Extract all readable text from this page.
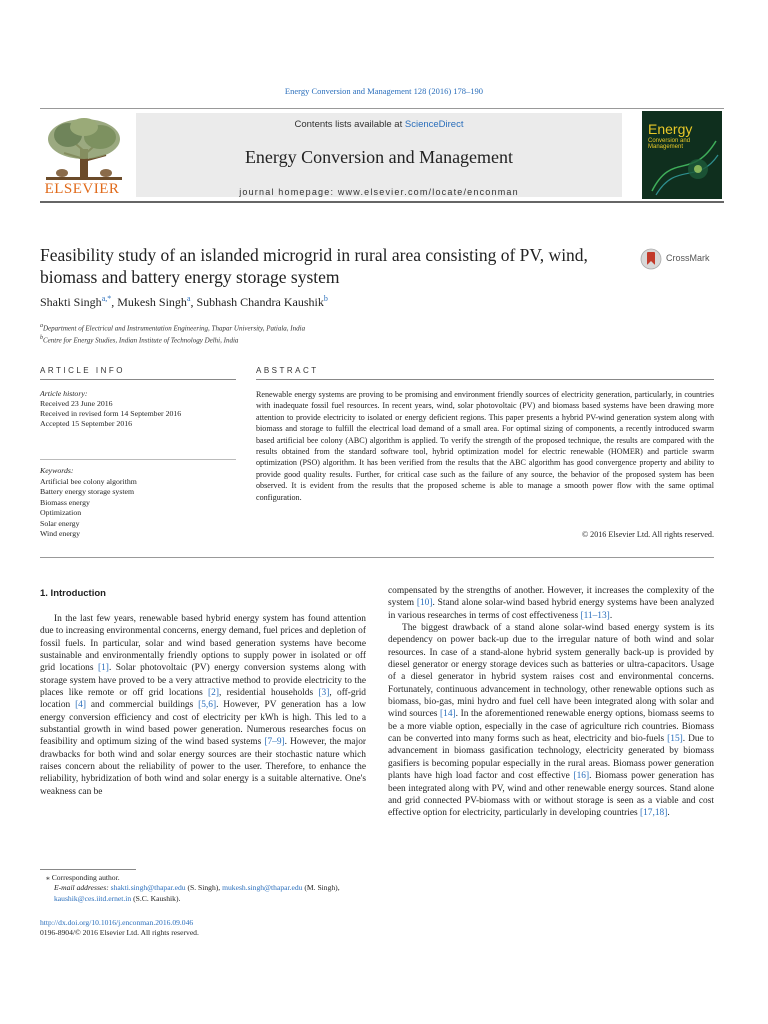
Energy Conversion and Management 128 (2016) 178–190
ELSEVIER
Contents lists available at ScienceDirect
Energy Conversion and Management
journal homepage: www.elsevier.com/locate/enconman
Energy
Conversion and Management
Feasibility study of an islanded microgrid in rural area consisting of PV, wind, biomass and battery energy storage system
CrossMark
Shakti Singh$^{a,*}$, Mukesh Singh$^a$, Subhash Chandra Kaushik$^b$
$^a$Department of Electrical and Instrumentation Engineering, Thapar University, Patiala, India
$^b$Centre for Energy Studies, Indian Institute of Technology Delhi, India
ARTICLE INFO	ABSTRACT
Article history:
Received 23 June 2016
Received in revised form 14 September 2016
Accepted 15 September 2016
Keywords:
Artificial bee colony algorithm
Battery energy storage system
Biomass energy
Optimization
Solar energy
Wind energy
Renewable energy systems are proving to be promising and environment friendly sources of electricity generation, particularly, in countries with inadequate fossil fuel resources. In recent years, wind, solar photovoltaic (PV) and biomass based systems have been drawing more attention to provide electricity to isolated or energy deficient regions. This paper presents a hybrid PV-wind generation system along with biomass and storage to fulfill the electrical load demand of a small area. For optimal sizing of components, a recently introduced swarm based artificial bee colony (ABC) algorithm is applied. To verify the strength of the proposed technique, the results are compared with the results obtained from the standard software tool, hybrid optimization model for electric renewable (HOMER) and particle swarm optimization (PSO) algorithm. It has been verified from the results that the ABC algorithm has good convergence property and ability to provide good quality results. Further, for critical case such as the failure of any source, the behavior of the proposed system has been observed. It is evident from the results that the proposed scheme is able to manage a smooth power flow with the same optimal configuration.
© 2016 Elsevier Ltd. All rights reserved.
1. Introduction

In the last few years, renewable based hybrid energy system has found attention due to increasing environmental concerns, energy demand, fuel prices and depletion of fossil fuels. In particular, solar and wind based generation systems have become sustainable and environmentally friendly options to supply power in isolated or off grid locations [1]. Solar photovoltaic (PV) energy conversion systems along with storage system have proved to be a very attractive method to provide electricity to the places like remote or off grid locations [2], residential households [3], off-grid location [4] and commercial buildings [5,6]. However, PV generation has a low energy conversion efficiency and cost of electricity per kWh is high. This led to a substantial growth in wind based power generation. Numerous researches focus on feasibility and optimum sizing of the wind based systems [7–9]. However, the major drawbacks for both wind and solar energy sources are their stochastic nature which raises concern about the reliability of power to the user. Therefore, to enhance the reliability, hybridization of both wind and solar energy is a suitable alternative. One's weakness can be

compensated by the strengths of another. However, it increases the complexity of the system [10]. Stand alone solar-wind based hybrid energy systems have been analyzed in various researches in terms of cost effectiveness [11–13].

The biggest drawback of a stand alone solar-wind based energy system is its dependency on power back-up due to the irregular nature of both wind and solar resources. In case of a stand-alone hybrid system generally back-up is provided by diesel generator or energy storage devices such as batteries or ultra-capacitors. Usage of a diesel generator in hybrid system raises cost and environmental concerns. Fortunately, continuous advancement in technology, other renewable options such as biomass, bio-gas, mini hydro and fuel cell have been integrated along with solar and wind sources [14]. In the aforementioned renewable energy options, biomass seems to be a more viable option, especially in the case of agriculture rich countries. Biomass can be converted into many forms such as heat, electricity and bio-fuels [15]. Due to advancement in biomass gasification technology, electricity generated by biomass gasifiers is becoming popular especially in the rural areas. Biomass power generation plants have high load factor and cost effective [16]. Biomass power generation has been integrated along with PV, wind and other renewable energy sources. Stand alone and grid connected PV-biomass with or without storage is seen as a viable and cost effective option for electricity, particularly in developing countries [17,18].

⁎ Corresponding author.
E-mail addresses: shakti.singh@thapar.edu (S. Singh), mukesh.singh@thapar.edu (M. Singh), kaushik@ces.iitd.ernet.in (S.C. Kaushik).
http://dx.doi.org/10.1016/j.enconman.2016.09.046
0196-8904/© 2016 Elsevier Ltd. All rights reserved.
